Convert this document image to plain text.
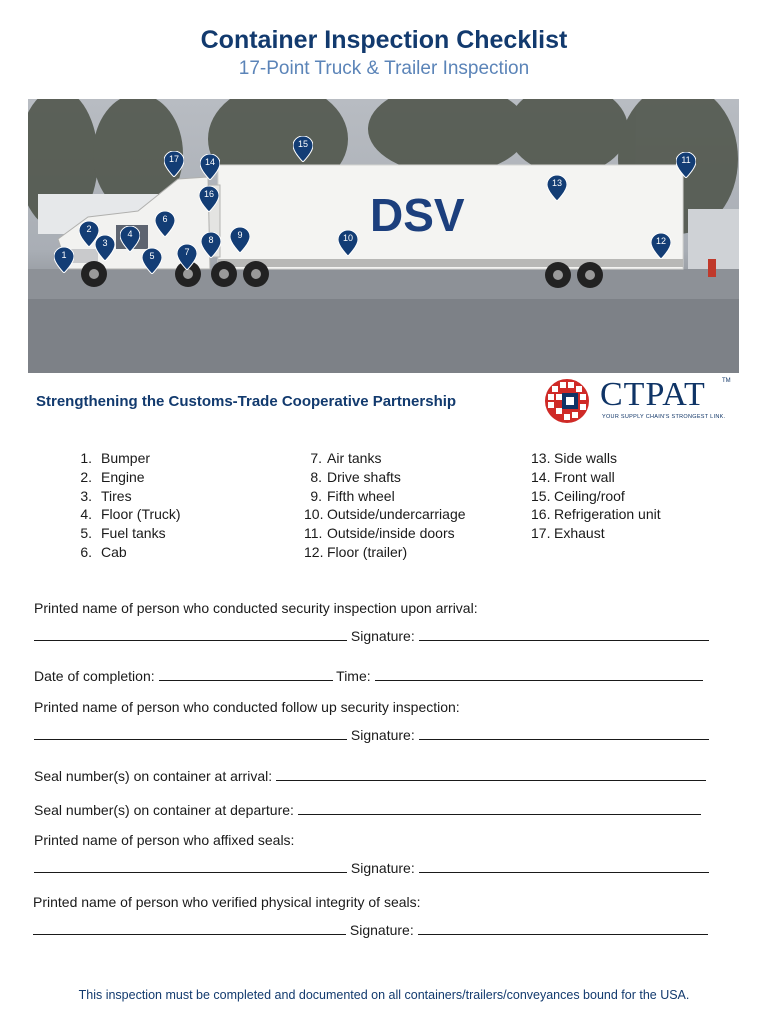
Container Inspection Checklist
17-Point Truck & Trailer Inspection
DSV
1
2
3
4
5
6
7
8	9	10
11
12
13
14
15
16
17
Strengthening the Customs-Trade Cooperative Partnership	CTPAT	TM
YOUR SUPPLY CHAIN'S STRONGEST LINK.
1. Bumper
2. Engine
3. Tires
4. Floor (Truck)
5. Fuel tanks
6. Cab
7. Air tanks
8. Drive shafts
9. Fifth wheel
10. Outside/undercarriage
11. Outside/inside doors
12. Floor (trailer)
13. Side walls
14. Front wall
15. Ceiling/roof
16. Refrigeration unit
17. Exhaust
Printed name of person who conducted security inspection upon arrival:
Signature:
Date of completion:	Time:
Printed name of person who conducted follow up security inspection:
Signature:
Seal number(s) on container at arrival:
Seal number(s) on container at departure:
Printed name of person who affixed seals:
Signature:
Printed name of person who verified physical integrity of seals:
Signature:
This inspection must be completed and documented on all containers/trailers/conveyances bound for the USA.
